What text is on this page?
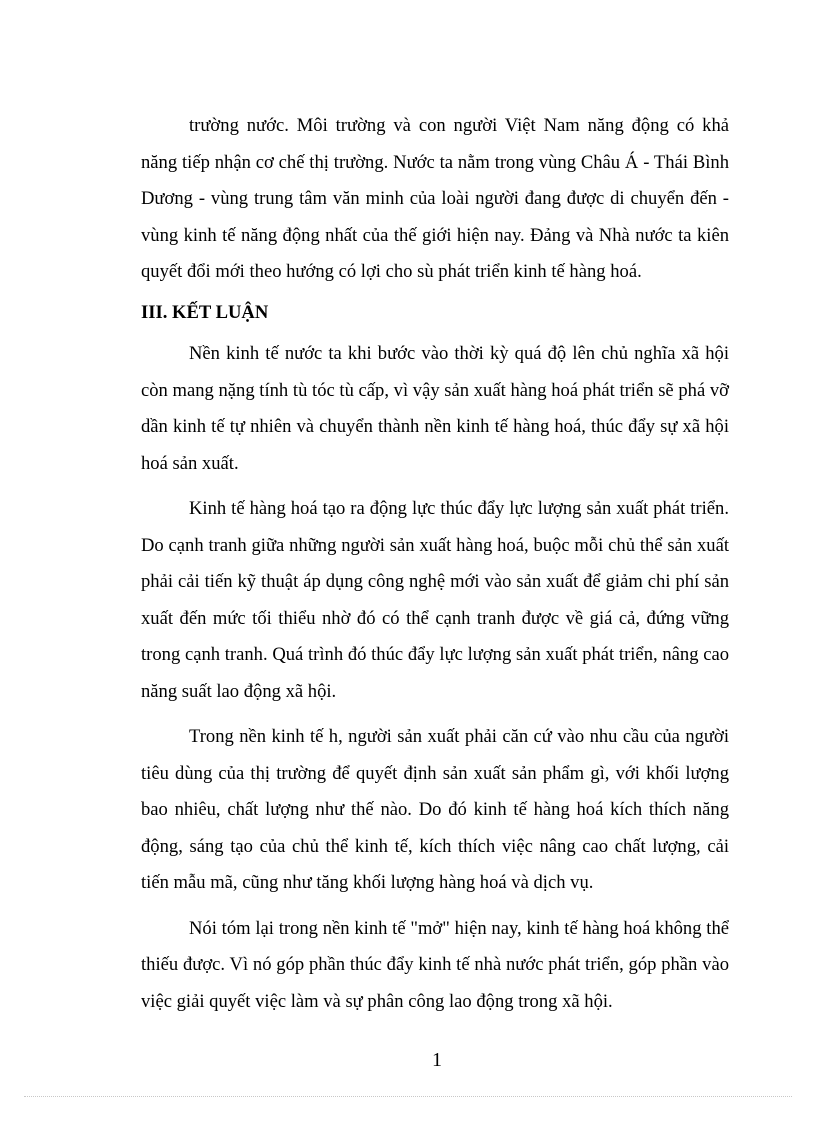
trường nước. Môi trường và con người Việt Nam năng động có khả năng tiếp nhận cơ chế thị trường. Nước ta nằm trong vùng Châu Á - Thái Bình Dương - vùng trung tâm văn minh của loài người đang được di chuyển đến - vùng kinh tế năng động nhất của thế giới hiện nay. Đảng và Nhà nước ta kiên quyết đổi mới theo hướng có lợi cho sù phát triển kinh tế hàng hoá.

III. KẾT LUẬN

Nền kinh tế nước ta khi bước vào thời kỳ quá độ lên chủ nghĩa xã hội còn mang nặng tính tù tóc tù cấp, vì vậy sản xuất hàng hoá phát triển sẽ phá vỡ dần kinh tế tự nhiên và chuyển thành nền kinh tế hàng hoá, thúc đẩy sự xã hội hoá sản xuất.

Kinh tế hàng hoá tạo ra động lực thúc đẩy lực lượng sản xuất phát triển. Do cạnh tranh giữa những người sản xuất hàng hoá, buộc mỗi chủ thể sản xuất phải cải tiến kỹ thuật áp dụng công nghệ mới vào sản xuất để giảm chi phí sản xuất đến mức tối thiểu nhờ đó có thể cạnh tranh được về giá cả, đứng vững trong cạnh tranh. Quá trình đó thúc đẩy lực lượng sản xuất phát triển, nâng cao năng suất lao động xã hội.

Trong nền kinh tế h, người sản xuất phải căn cứ vào nhu cầu của người tiêu dùng của thị trường để quyết định sản xuất sản phẩm gì, với khối lượng bao nhiêu, chất lượng như thế nào. Do đó kinh tế hàng hoá kích thích năng động, sáng tạo của chủ thể kinh tế, kích thích việc nâng cao chất lượng, cải tiến mẫu mã, cũng như tăng khối lượng hàng hoá và dịch vụ.

Nói tóm lại trong nền kinh tế "mở" hiện nay, kinh tế hàng hoá không thể thiếu được. Vì nó góp phần thúc đẩy kinh tế nhà nước phát triển, góp phần vào việc giải quyết việc làm và sự phân công lao động trong xã hội.

1
